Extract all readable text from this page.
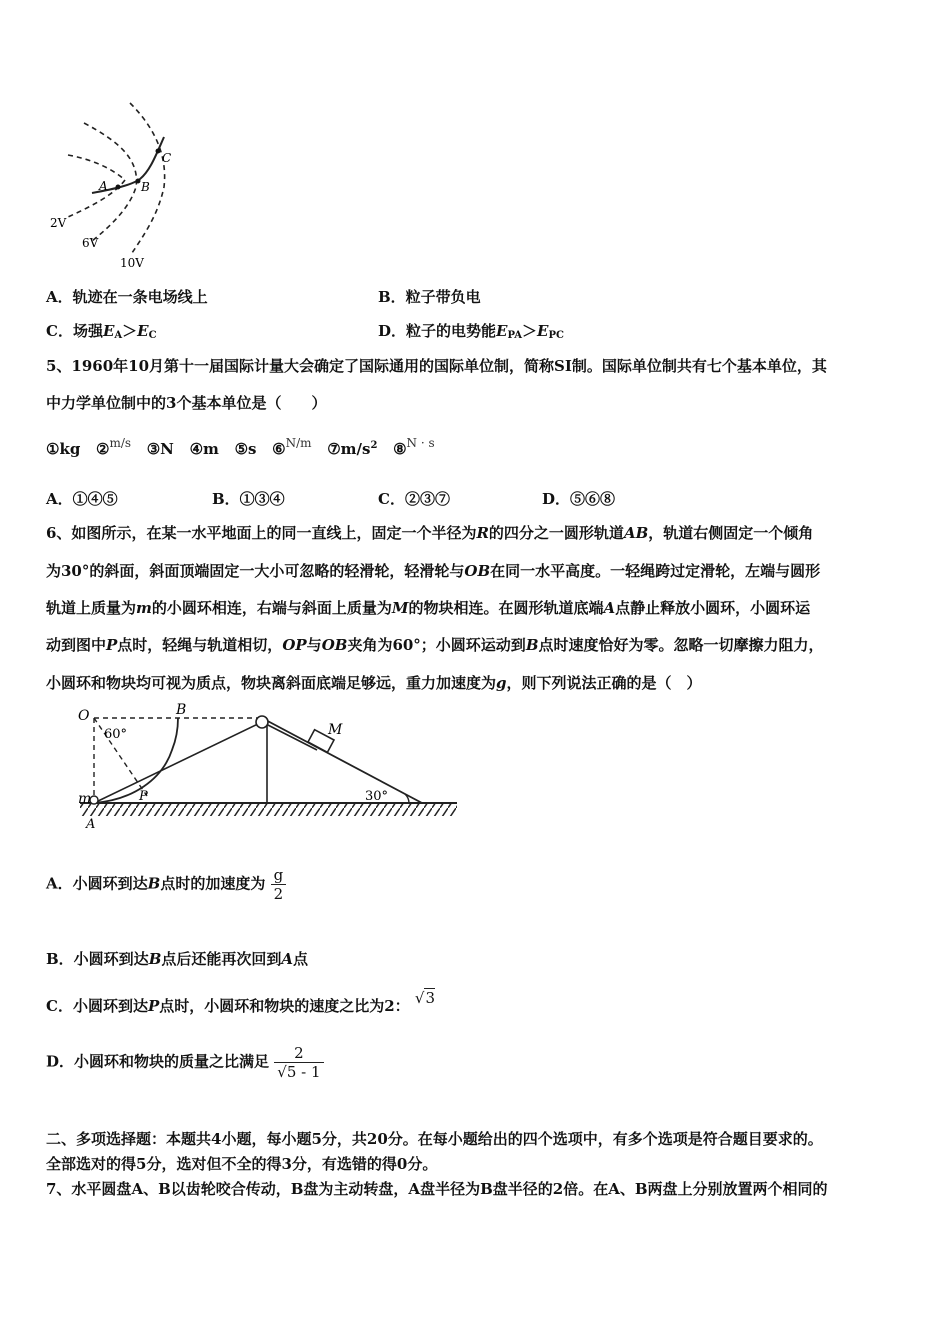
A	B
C
2V
6V
10V
A．轨迹在一条电场线上	B．粒子带负电
C．场强$E_A>E_C$	D．粒子的电势能$E_{PA}>E_{PC}$
5、1960年10月第十一届国际计量大会确定了国际通用的国际单位制，简称SI制。国际单位制共有七个基本单位，其
中力学单位制中的3个基本单位是（　　）
①kg ②$^{m/s}$ ③N ④m ⑤s ⑥$^{N/m}$ $⑦m/s^2$ ⑧$^{N \cdot s}$
A．①④⑤	B．①③④	C．②③⑦	D．⑤⑥⑧
6、如图所示，在某一水平地面上的同一直线上，固定一个半径为R的四分之一圆形轨道AB，轨道右侧固定一个倾角
为30°的斜面，斜面顶端固定一大小可忽略的轻滑轮，轻滑轮与OB在同一水平高度。一轻绳跨过定滑轮，左端与圆形
轨道上质量为m的小圆环相连，右端与斜面上质量为M的物块相连。在圆形轨道底端A点静止释放小圆环，小圆环运
动到图中P点时，轻绳与轨道相切，OP与OB夹角为60°；小圆环运动到B点时速度恰好为零。忽略一切摩擦力阻力，
小圆环和物块均可视为质点，物块离斜面底端足够远，重力加速度为g，则下列说法正确的是（　）
O
60°
B
M
m	P
A
30°
A．小圆环到达B点时的加速度为 $\frac{g}{2}$
B．小圆环到达B点后还能再次回到A点
C．小圆环到达P点时，小圆环和物块的速度之比为2： √3
D．小圆环和物块的质量之比满足 $\frac{2}{√5 - 1}$
二、多项选择题：本题共4小题，每小题5分，共20分。在每小题给出的四个选项中，有多个选项是符合题目要求的。
全部选对的得5分，选对但不全的得3分，有选错的得0分。
7、水平圆盘A、B以齿轮咬合传动，B盘为主动转盘，A盘半径为B盘半径的2倍。在A、B两盘上分别放置两个相同的
